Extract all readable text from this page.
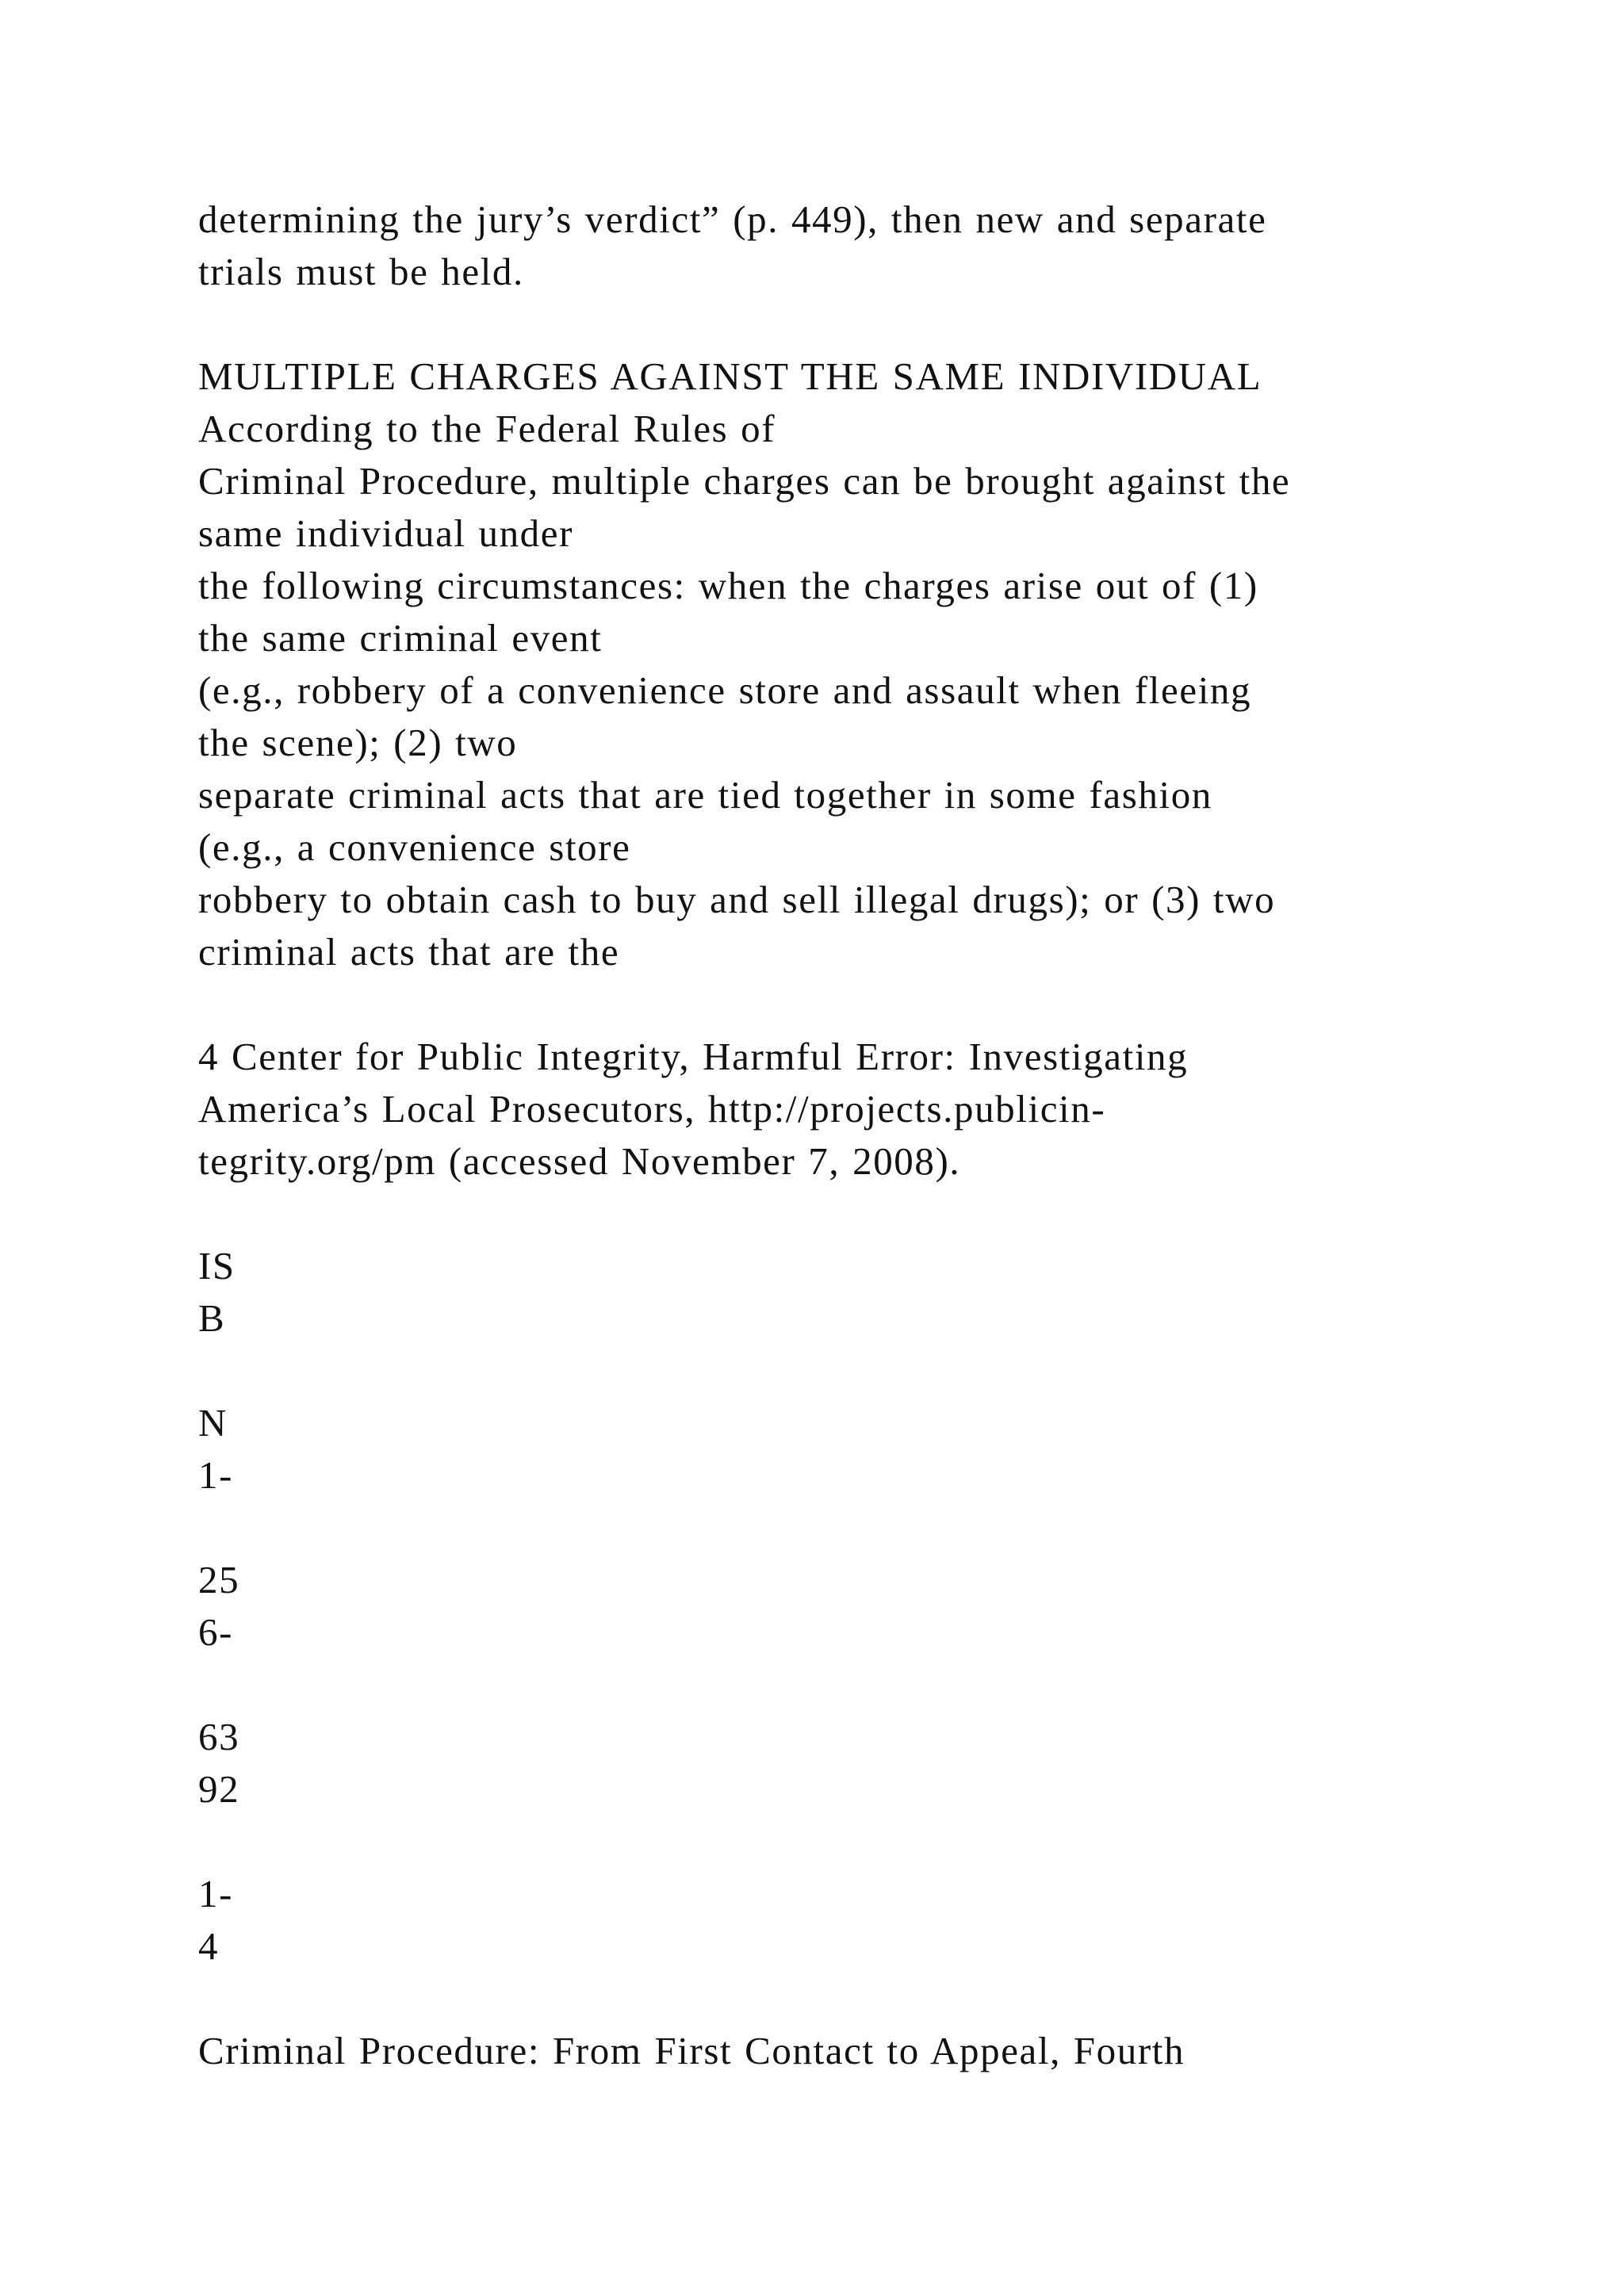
determining the jury’s verdict” (p. 449), then new and separate
trials must be held.
MULTIPLE CHARGES AGAINST THE SAME INDIVIDUAL
According to the Federal Rules of
Criminal Procedure, multiple charges can be brought against the
same individual under
the following circumstances: when the charges arise out of (1)
the same criminal event
(e.g., robbery of a convenience store and assault when fleeing
the scene); (2) two
separate criminal acts that are tied together in some fashion
(e.g., a convenience store
robbery to obtain cash to buy and sell illegal drugs); or (3) two
criminal acts that are the
4 Center for Public Integrity, Harmful Error: Investigating
America’s Local Prosecutors, http://projects.publicin-
tegrity.org/pm (accessed November 7, 2008).
IS
B
N
1-
25
6-
63
92
1-
4
Criminal Procedure: From First Contact to Appeal, Fourth
